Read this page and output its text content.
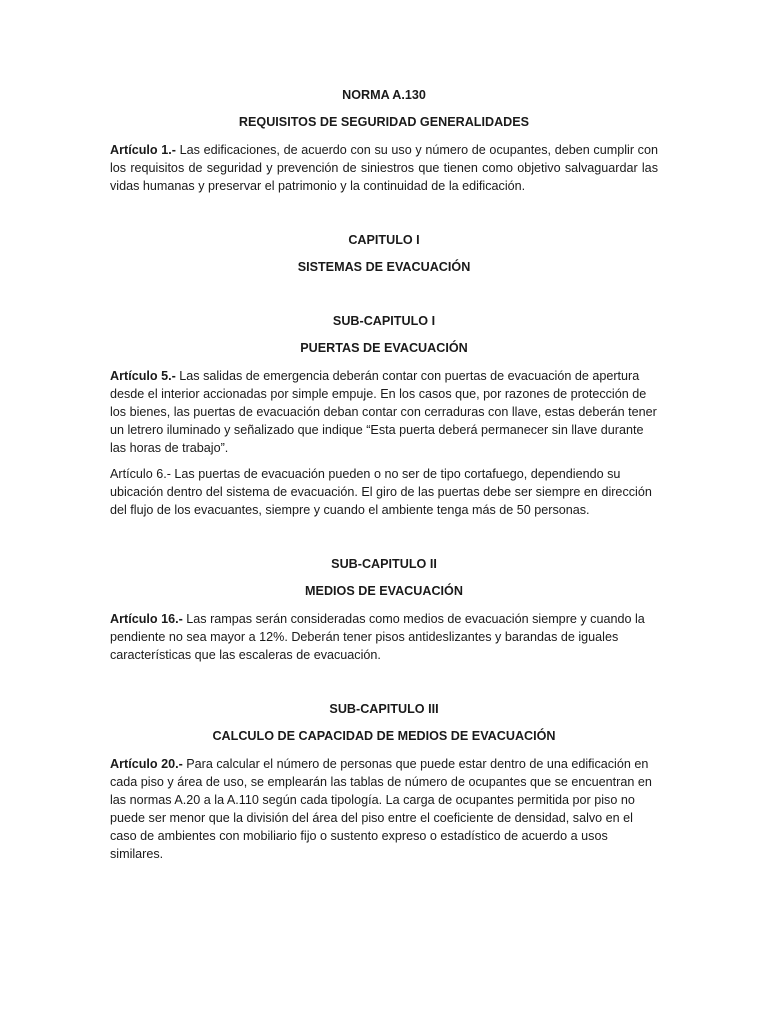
NORMA A.130

REQUISITOS DE SEGURIDAD GENERALIDADES

Artículo 1.- Las edificaciones, de acuerdo con su uso y número de ocupantes, deben cumplir con los requisitos de seguridad y prevención de siniestros que tienen como objetivo salvaguardar las vidas humanas y preservar el patrimonio y la continuidad de la edificación.

CAPITULO I

SISTEMAS DE EVACUACIÓN

SUB-CAPITULO I

PUERTAS DE EVACUACIÓN

Artículo 5.- Las salidas de emergencia deberán contar con puertas de evacuación de apertura desde el interior accionadas por simple empuje. En los casos que, por razones de protección de los bienes, las puertas de evacuación deban contar con cerraduras con llave, estas deberán tener un letrero iluminado y señalizado que indique “Esta puerta deberá permanecer sin llave durante las horas de trabajo”.

Artículo 6.- Las puertas de evacuación pueden o no ser de tipo cortafuego, dependiendo su ubicación dentro del sistema de evacuación. El giro de las puertas debe ser siempre en dirección del flujo de los evacuantes, siempre y cuando el ambiente tenga más de 50 personas.

SUB-CAPITULO II

MEDIOS DE EVACUACIÓN

Artículo 16.- Las rampas serán consideradas como medios de evacuación siempre y cuando la pendiente no sea mayor a 12%. Deberán tener pisos antideslizantes y barandas de iguales características que las escaleras de evacuación.

SUB-CAPITULO III

CALCULO DE CAPACIDAD DE MEDIOS DE EVACUACIÓN

Artículo 20.- Para calcular el número de personas que puede estar dentro de una edificación en cada piso y área de uso, se emplearán las tablas de número de ocupantes que se encuentran en las normas A.20 a la A.110 según cada tipología. La carga de ocupantes permitida por piso no puede ser menor que la división del área del piso entre el coeficiente de densidad, salvo en el caso de ambientes con mobiliario fijo o sustento expreso o estadístico de acuerdo a usos similares.
